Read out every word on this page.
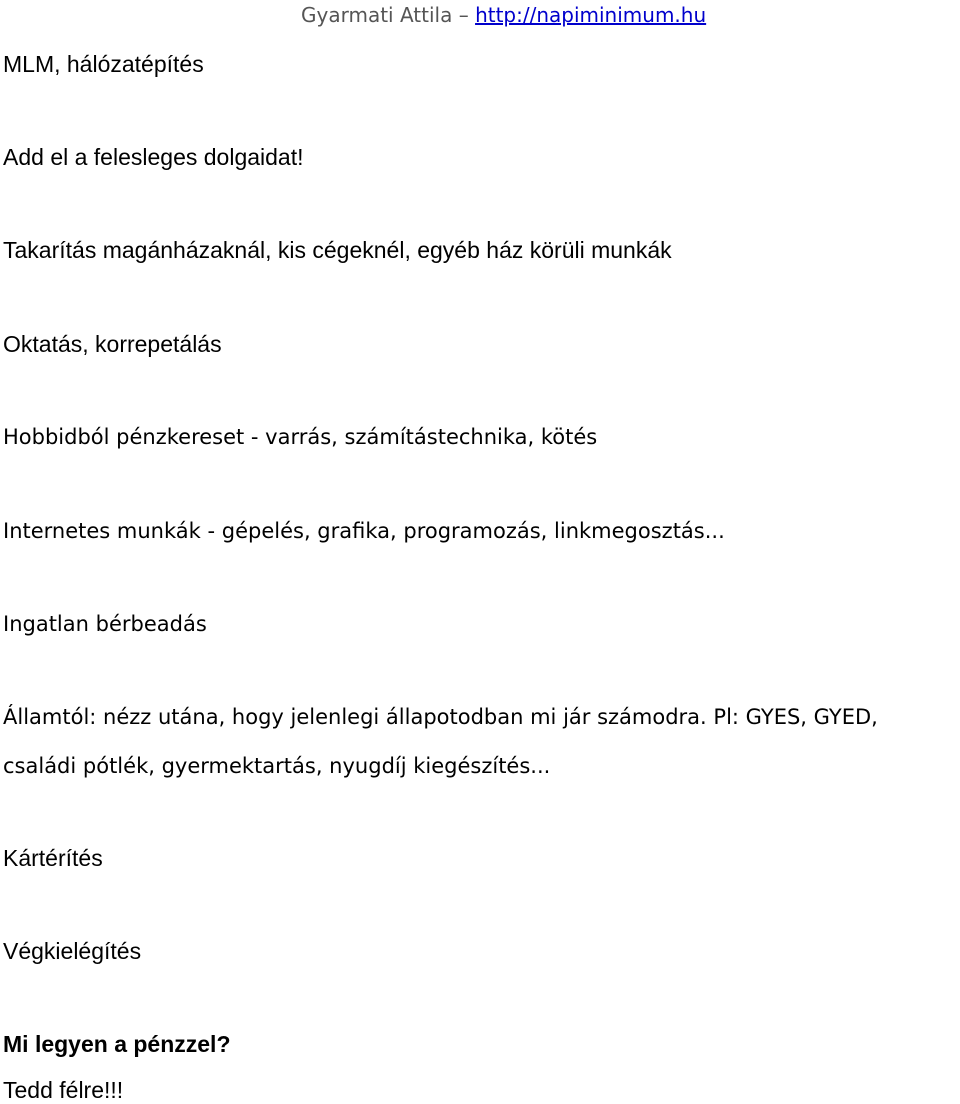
Gyarmati Attila – http://napiminimum.hu

MLM, hálózatépítés

Add el a felesleges dolgaidat!

Takarítás magánházaknál, kis cégeknél, egyéb ház körüli munkák

Oktatás, korrepetálás

Hobbidból pénzkereset - varrás, számítástechnika, kötés

Internetes munkák - gépelés, grafika, programozás, linkmegosztás...

Ingatlan bérbeadás

Államtól: nézz utána, hogy jelenlegi állapotodban mi jár számodra. Pl: GYES, GYED,

családi pótlék, gyermektartás, nyugdíj kiegészítés...

Kártérítés

Végkielégítés

Mi legyen a pénzzel?

Tedd félre!!!
